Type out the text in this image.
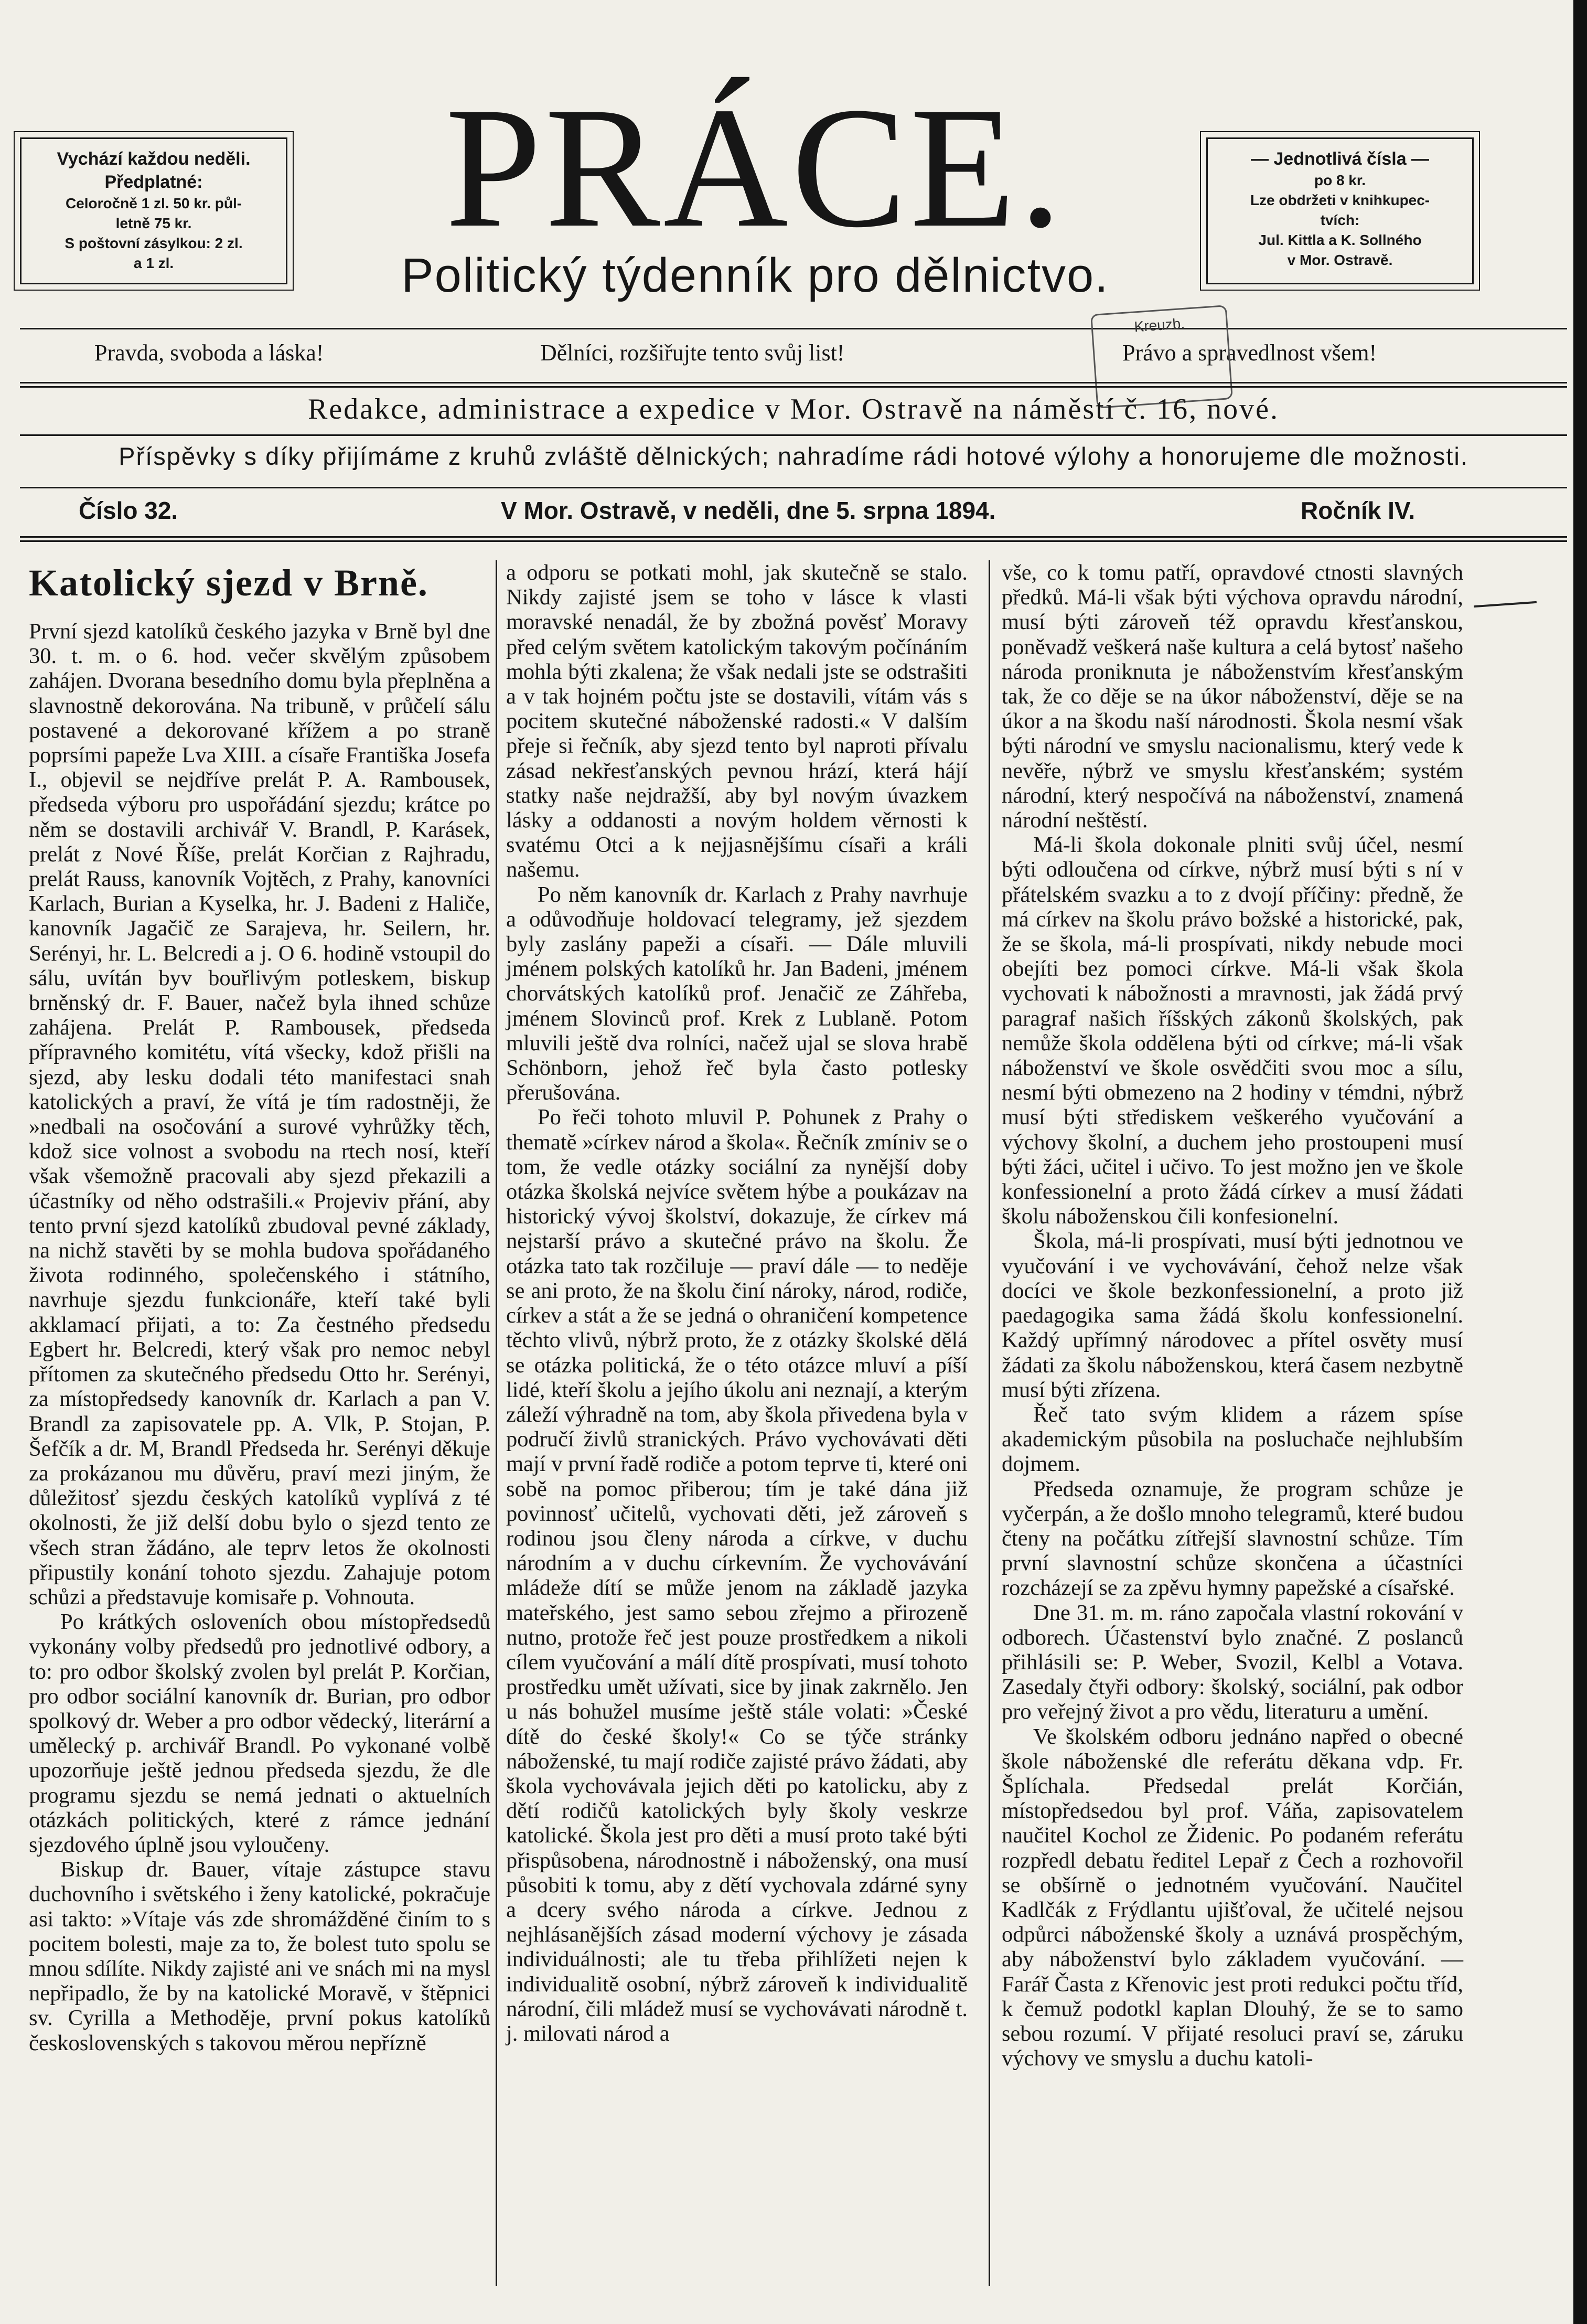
Vychází každou neděli.
Předplatné:
Celoročně 1 zl. 50 kr. půl-
letně 75 kr.
S poštovní zásylkou: 2 zl.
a 1 zl.	PRÁCE.
Politický týdenník pro dělnictvo.
— Jednotlivá čísla —
po 8 kr.
Lze obdržeti v knihkupec-
tvích:
Jul. Kittla a K. Sollného
v Mor. Ostravě.
Pravda, svoboda a láska!	Dělníci, rozšiřujte tento svůj list!	Právo a spravedlnost všem!
Kreuzb.
Redakce, administrace a expedice v Mor. Ostravě na náměstí č. 16, nové.
Příspěvky s díky přijímáme z kruhů zvláště dělnických; nahradíme rádi hotové výlohy a honorujeme dle možnosti.
Číslo 32.	V Mor. Ostravě, v neděli, dne 5. srpna 1894.	Ročník IV.
Katolický sjezd v Brně.

První sjezd katolíků českého jazyka v Brně byl dne 30. t. m. o 6. hod. večer skvělým způsobem zahájen. Dvorana besedního domu byla přeplněna a slavnostně dekorována. Na tribuně, v průčelí sálu postavené a dekorované křížem a po straně poprsími papeže Lva XIII. a císaře Františka Josefa I., objevil se nejdříve prelát P. A. Rambousek, předseda výboru pro uspořádání sjezdu; krátce po něm se dostavili archivář V. Brandl, P. Karásek, prelát z Nové Říše, prelát Korčian z Rajhradu, prelát Rauss, kanovník Vojtěch, z Prahy, kanovníci Karlach, Burian a Kyselka, hr. J. Badeni z Haliče, kanovník Jagačič ze Sarajeva, hr. Seilern, hr. Serényi, hr. L. Belcredi a j. O 6. hodině vstoupil do sálu, uvítán byv bouřlivým potleskem, biskup brněnský dr. F. Bauer, načež byla ihned schůze zahájena. Prelát P. Rambousek, předseda přípravného komitétu, vítá všecky, kdož přišli na sjezd, aby lesku dodali této manifestaci snah katolických a praví, že vítá je tím radostněji, že »nedbali na osočování a surové vyhrůžky těch, kdož sice volnost a svobodu na rtech nosí, kteří však všemožně pracovali aby sjezd překazili a účastníky od něho odstrašili.« Projeviv přání, aby tento první sjezd katolíků zbudoval pevné základy, na nichž stavěti by se mohla budova spořádaného života rodinného, společenského i státního, navrhuje sjezdu funkcionáře, kteří také byli akklamací přijati, a to: Za čestného předsedu Egbert hr. Belcredi, který však pro nemoc nebyl přítomen za skutečného předsedu Otto hr. Serényi, za místopředsedy kanovník dr. Karlach a pan V. Brandl za zapisovatele pp. A. Vlk, P. Stojan, P. Šefčík a dr. M, Brandl Předseda hr. Serényi děkuje za prokázanou mu důvěru, praví mezi jiným, že důležitosť sjezdu českých katolíků vyplívá z té okolnosti, že již delší dobu bylo o sjezd tento ze všech stran žádáno, ale teprv letos že okolnosti připustily konání tohoto sjezdu. Zahajuje potom schůzi a představuje komisaře p. Vohnouta.

Po krátkých osloveních obou místopředsedů vykonány volby předsedů pro jednotlivé odbory, a to: pro odbor školský zvolen byl prelát P. Korčian, pro odbor sociální kanovník dr. Burian, pro odbor spolkový dr. Weber a pro odbor vědecký, literární a umělecký p. archivář Brandl. Po vykonané volbě upozorňuje ještě jednou předseda sjezdu, že dle programu sjezdu se nemá jednati o aktuelních otázkách politických, které z rámce jednání sjezdového úplně jsou vyloučeny.

Biskup dr. Bauer, vítaje zástupce stavu duchovního i světského i ženy katolické, pokračuje asi takto: »Vítaje vás zde shromážděné činím to s pocitem bolesti, maje za to, že bolest tuto spolu se mnou sdílíte. Nikdy zajisté ani ve snách mi na mysl nepřipadlo, že by na katolické Moravě, v štěpnici sv. Cyrilla a Methoděje, první pokus katolíků československých s takovou měrou nepřízně

a odporu se potkati mohl, jak skutečně se stalo. Nikdy zajisté jsem se toho v lásce k vlasti moravské nenadál, že by zbožná pověsť Moravy před celým světem katolickým takovým počínáním mohla býti zkalena; že však nedali jste se odstrašiti a v tak hojném počtu jste se dostavili, vítám vás s pocitem skutečné náboženské radosti.« V dalším přeje si řečník, aby sjezd tento byl naproti přívalu zásad nekřesťanských pevnou hrází, která hájí statky naše nejdražší, aby byl novým úvazkem lásky a oddanosti a novým holdem věrnosti k svatému Otci a k nejjasnějšímu císaři a králi našemu.

Po něm kanovník dr. Karlach z Prahy navrhuje a odůvodňuje holdovací telegramy, jež sjezdem byly zaslány papeži a císaři. — Dále mluvili jménem polských katolíků hr. Jan Badeni, jménem chorvátských katolíků prof. Jenačič ze Záhřeba, jménem Slovinců prof. Krek z Lublaně. Potom mluvili ještě dva rolníci, načež ujal se slova hrabě Schönborn, jehož řeč byla často potlesky přerušována.

Po řeči tohoto mluvil P. Pohunek z Prahy o thematě »církev národ a škola«. Řečník zmíniv se o tom, že vedle otázky sociální za nynější doby otázka školská nejvíce světem hýbe a poukázav na historický vývoj školství, dokazuje, že církev má nejstarší právo a skutečné právo na školu. Že otázka tato tak rozčiluje — praví dále — to neděje se ani proto, že na školu činí nároky, národ, rodiče, církev a stát a že se jedná o ohraničení kompetence těchto vlivů, nýbrž proto, že z otázky školské dělá se otázka politická, že o této otázce mluví a píší lidé, kteří školu a jejího úkolu ani neznají, a kterým záleží výhradně na tom, aby škola přivedena byla v područí živlů stranických. Právo vychovávati děti mají v první řadě rodiče a potom teprve ti, které oni sobě na pomoc přiberou; tím je také dána již povinnosť učitelů, vychovati děti, jež zároveň s rodinou jsou členy národa a církve, v duchu národním a v duchu církevním. Že vychovávání mládeže dítí se může jenom na základě jazyka mateřského, jest samo sebou zřejmo a přirozeně nutno, protože řeč jest pouze prostředkem a nikoli cílem vyučování a málí dítě prospívati, musí tohoto prostředku umět užívati, sice by jinak zakrnělo. Jen u nás bohužel musíme ještě stále volati: »České dítě do české školy!« Co se týče stránky náboženské, tu mají rodiče zajisté právo žádati, aby škola vychovávala jejich děti po katolicku, aby z dětí rodičů katolických byly školy veskrze katolické. Škola jest pro děti a musí proto také býti přispůsobena, národnostně i náboženský, ona musí působiti k tomu, aby z dětí vychovala zdárné syny a dcery svého národa a církve. Jednou z nejhlásanějších zásad moderní výchovy je zásada individuálnosti; ale tu třeba přihlížeti nejen k individualitě osobní, nýbrž zároveň k individualitě národní, čili mládež musí se vychovávati národně t. j. milovati národ a

vše, co k tomu patří, opravdové ctnosti slavných předků. Má-li však býti výchova opravdu národní, musí býti zároveň též opravdu křesťanskou, poněvadž veškerá naše kultura a celá bytosť našeho národa proniknuta je náboženstvím křesťanským tak, že co děje se na úkor náboženství, děje se na úkor a na škodu naší národnosti. Škola nesmí však býti národní ve smyslu nacionalismu, který vede k nevěře, nýbrž ve smyslu křesťanském; systém národní, který nespočívá na náboženství, znamená národní neštěstí.

Má-li škola dokonale plniti svůj účel, nesmí býti odloučena od církve, nýbrž musí býti s ní v přátelském svazku a to z dvojí příčiny: předně, že má církev na školu právo božské a historické, pak, že se škola, má-li prospívati, nikdy nebude moci obejíti bez pomoci církve. Má-li však škola vychovati k nábožnosti a mravnosti, jak žádá prvý paragraf našich říšských zákonů školských, pak nemůže škola oddělena býti od církve; má-li však náboženství ve škole osvědčiti svou moc a sílu, nesmí býti obmezeno na 2 hodiny v témdni, nýbrž musí býti střediskem veškerého vyučování a výchovy školní, a duchem jeho prostoupeni musí býti žáci, učitel i učivo. To jest možno jen ve škole konfessionelní a proto žádá církev a musí žádati školu náboženskou čili konfesionelní.

Škola, má-li prospívati, musí býti jednotnou ve vyučování i ve vychovávání, čehož nelze však docíci ve škole bezkonfessionelní, a proto již paedagogika sama žádá školu konfessionelní. Každý upřímný národovec a přítel osvěty musí žádati za školu náboženskou, která časem nezbytně musí býti zřízena.

Řeč tato svým klidem a rázem spíse akademickým působila na posluchače nejhlubším dojmem.

Předseda oznamuje, že program schůze je vyčerpán, a že došlo mnoho telegramů, které budou čteny na počátku zítřejší slavnostní schůze. Tím první slavnostní schůze skončena a účastníci rozcházejí se za zpěvu hymny papežské a císařské.

Dne 31. m. m. ráno započala vlastní rokování v odborech. Účastenství bylo značné. Z poslanců přihlásili se: P. Weber, Svozil, Kelbl a Votava. Zasedaly čtyři odbory: školský, sociální, pak odbor pro veřejný život a pro vědu, literaturu a umění.

Ve školském odboru jednáno napřed o obecné škole náboženské dle referátu děkana vdp. Fr. Šplíchala. Předsedal prelát Korčián, místopředsedou byl prof. Váňa, zapisovatelem naučitel Kochol ze Židenic. Po podaném referátu rozpředl debatu ředitel Lepař z Čech a rozhovořil se obšírně o jednotném vyučování. Naučitel Kadlčák z Frýdlantu ujišťoval, že učitelé nejsou odpůrci náboženské školy a uznává prospěchým, aby náboženství bylo základem vyučování. — Farář Časta z Křenovic jest proti redukci počtu tříd, k čemuž podotkl kaplan Dlouhý, že se to samo sebou rozumí. V přijaté resoluci praví se, záruku výchovy ve smyslu a duchu katoli-
